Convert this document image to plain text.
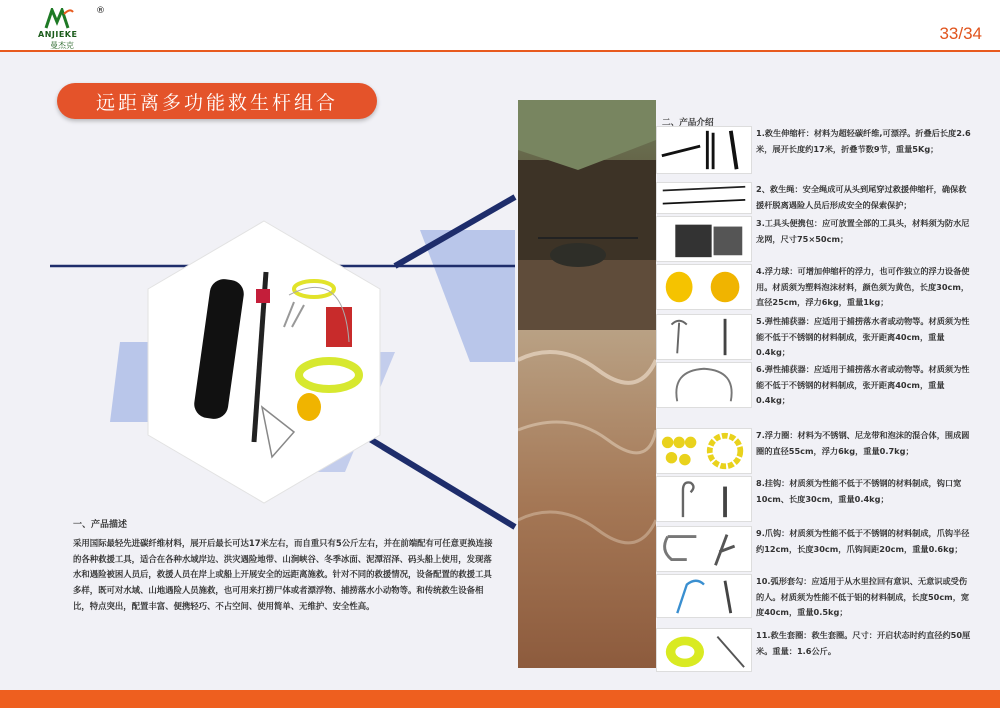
®
ANJIEKE
曼杰克
33/34
远距离多功能救生杆组合
一、产品描述
采用国际最轻先进碳纤维材料，展开后最长可达17米左右，而自重只有5公斤左右，并在前端配有可任意更换连接的各种救援工具，适合在各种水域岸边、洪灾遇险地带、山涧峡谷、冬季冰面、泥潭沼泽、码头船上使用，发现落水和遇险被困人员后，救援人员在岸上或船上开展安全的远距离施救。针对不同的救援情况，设备配置的救援工具多样，既可对水域、山地遇险人员施救，也可用来打捞尸体或者漂浮物、捕捞落水小动物等。和传统救生设备相比，特点突出，配置丰富、便携轻巧、不占空间、使用简单、无维护、安全性高。
二、产品介绍
1.救生伸缩杆：材料为超轻碳纤维,可漂浮。折叠后长度2.6米，展开长度约17米，折叠节数9节，重量5Kg；
2、救生绳：安全绳成可从头到尾穿过救援伸缩杆，确保救援杆脱离遇险人员后形成安全的保索保护；
3.工具头便携包：应可放置全部的工具头，材料须为防水尼龙网，尺寸75×50cm；
4.浮力球：可增加伸缩杆的浮力，也可作独立的浮力设备使用。材质须为塑料泡沫材料，颜色须为黄色，长度30cm，直径25cm，浮力6kg，重量1kg；
5.弹性捕获器：应适用于捕捞落水者或动物等。材质须为性能不低于不锈钢的材料制成，张开距离40cm，重量0.4kg；
6.弹性捕获器：应适用于捕捞落水者或动物等。材质须为性能不低于不锈钢的材料制成，张开距离40cm，重量0.4kg；
7.浮力圈：材料为不锈钢、尼龙带和泡沫的混合体，围成圆圈的直径55cm，浮力6kg，重量0.7kg；
8.挂钩：材质须为性能不低于不锈钢的材料制成，钩口宽10cm、长度30cm，重量0.4kg；
9.爪钩：材质须为性能不低于不锈钢的材料制成，爪钩半径约12cm，长度30cm，爪钩间距20cm，重量0.6kg；
10.弧形套勾：应适用于从水里拉回有意识、无意识或受伤的人。材质须为性能不低于铝的材料制成，长度50cm，宽度40cm，重量0.5kg；
11.救生套圈：救生套圈。尺寸：开启状态时约直径约50厘米。重量：1.6公斤。
